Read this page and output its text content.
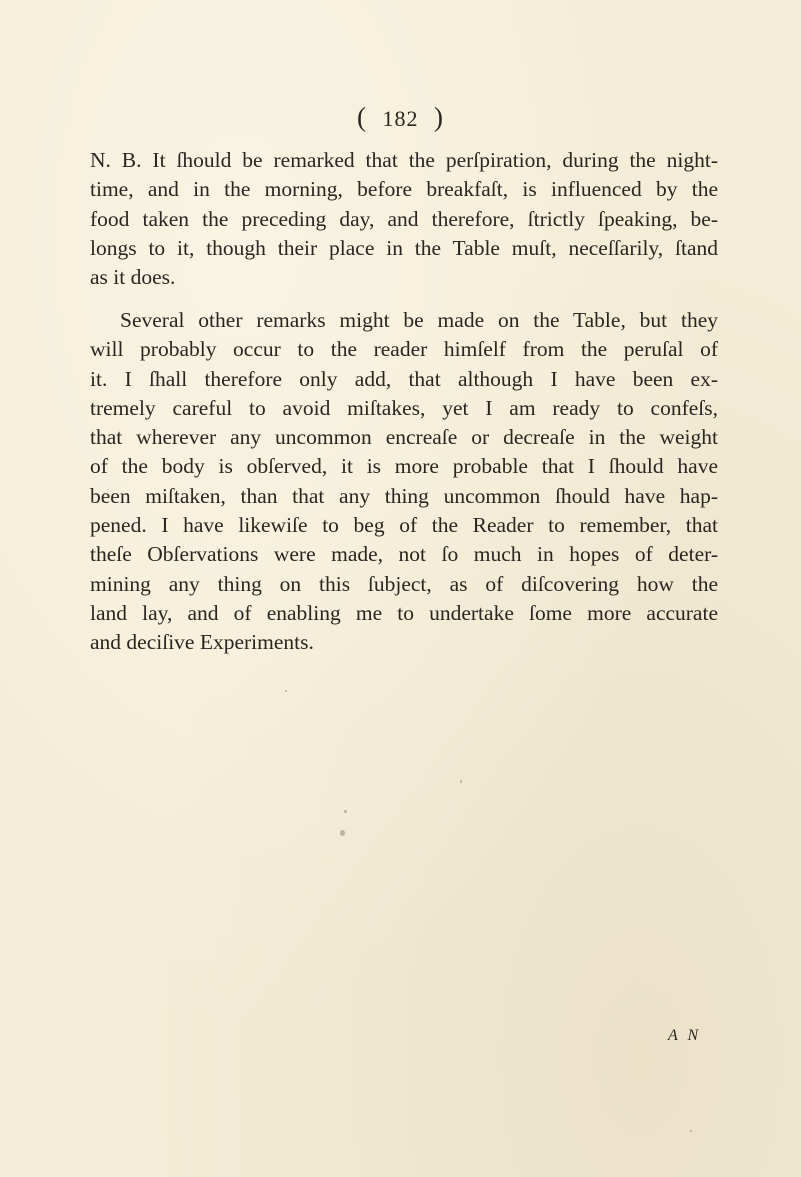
( 182 )
N. B. It ſhould be remarked that the perſpiration, during the night-
time, and in the morning, before breakfaſt, is influenced by the
food taken the preceding day, and therefore, ſtrictly ſpeaking, be-
longs to it, though their place in the Table muſt, neceſſarily, ſtand
as it does.
Several other remarks might be made on the Table, but they
will probably occur to the reader himſelf from the peruſal of
it. I ſhall therefore only add, that although I have been ex-
tremely careful to avoid miſtakes, yet I am ready to confeſs,
that wherever any uncommon encreaſe or decreaſe in the weight
of the body is obſerved, it is more probable that I ſhould have
been miſtaken, than that any thing uncommon ſhould have hap-
pened. I have likewiſe to beg of the Reader to remember, that
theſe Obſervations were made, not ſo much in hopes of deter-
mining any thing on this ſubject, as of diſcovering how the
land lay, and of enabling me to undertake ſome more accurate
and deciſive Experiments.
A N
